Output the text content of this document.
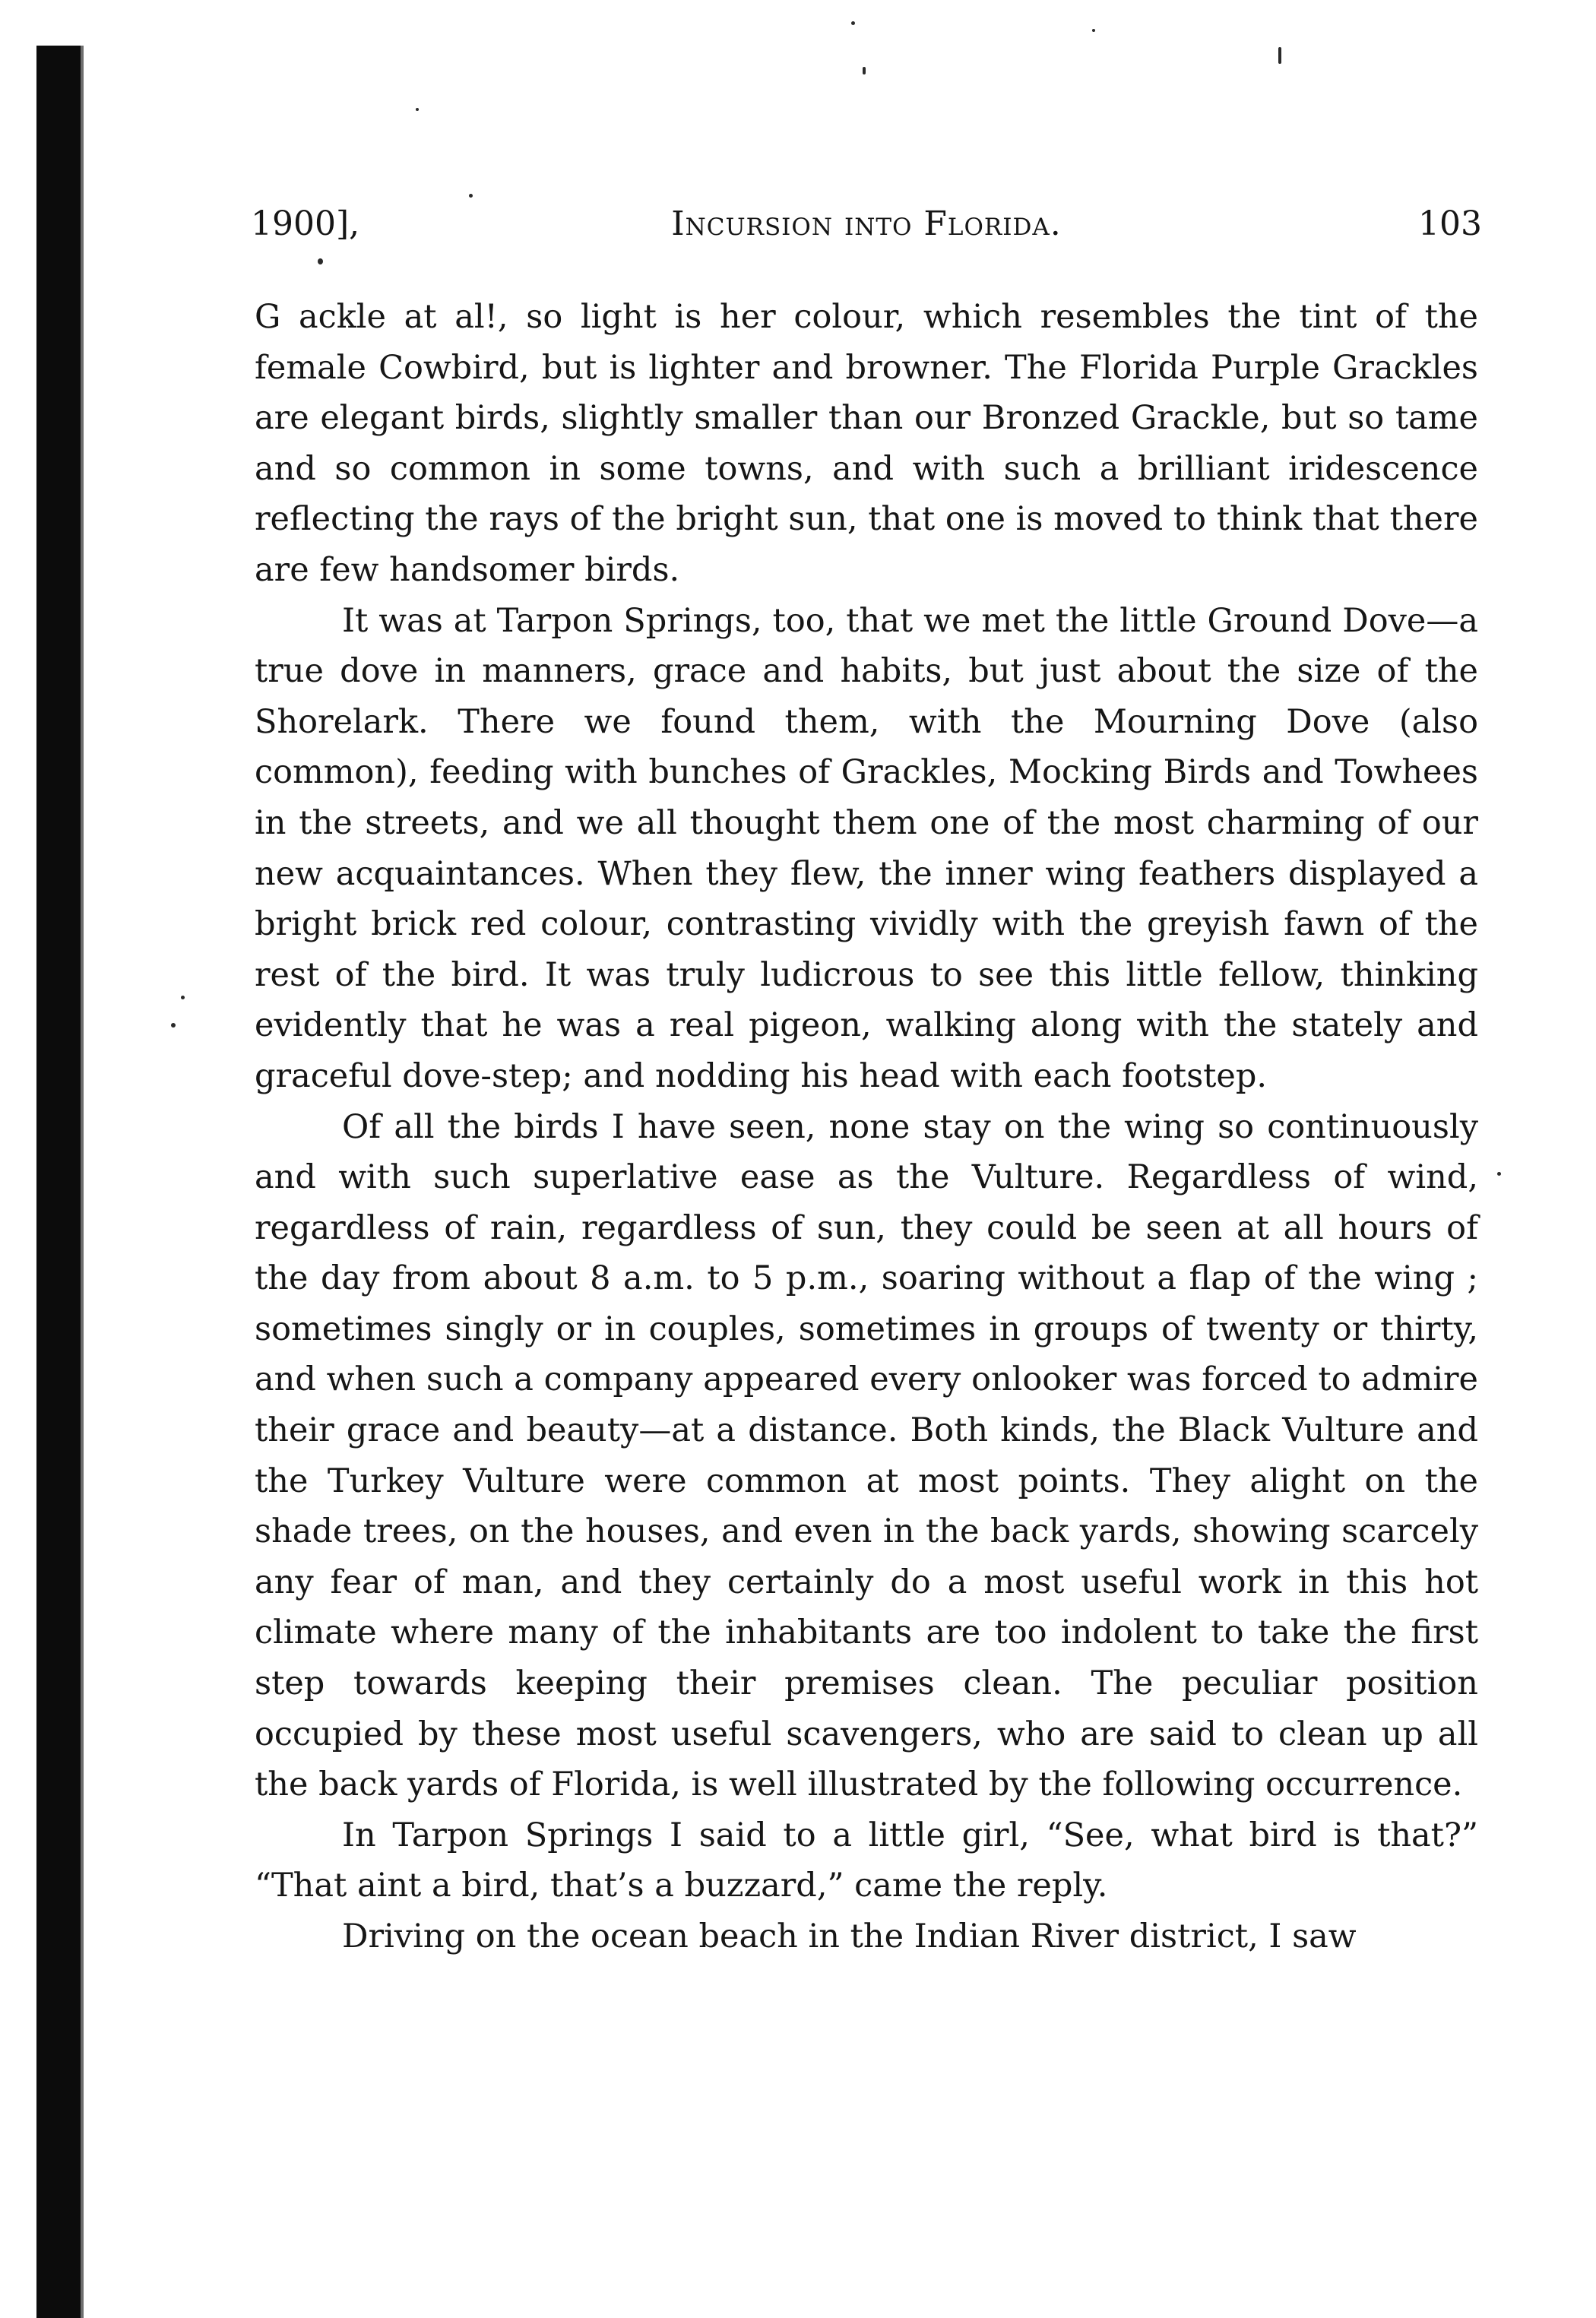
1900],	Incursion into Florida.	103

G ackle at al!, so light is her colour, which resembles the tint of the female Cowbird, but is lighter and browner. The Florida Purple Grackles are elegant birds, slightly smaller than our Bronzed Grackle, but so tame and so common in some towns, and with such a brilliant iridescence reflecting the rays of the bright sun, that one is moved to think that there are few handsomer birds.

It was at Tarpon Springs, too, that we met the little Ground Dove—a true dove in manners, grace and habits, but just about the size of the Shorelark. There we found them, with the Mourning Dove (also common), feeding with bunches of Grackles, Mocking Birds and Towhees in the streets, and we all thought them one of the most charming of our new acquaintances. When they flew, the inner wing feathers displayed a bright brick red colour, contrasting vividly with the greyish fawn of the rest of the bird. It was truly ludicrous to see this little fellow, thinking evidently that he was a real pigeon, walking along with the stately and graceful dove-step; and nodding his head with each footstep.

Of all the birds I have seen, none stay on the wing so continuously and with such superlative ease as the Vulture. Regardless of wind, regardless of rain, regardless of sun, they could be seen at all hours of the day from about 8 a.m. to 5 p.m., soaring without a flap of the wing ; sometimes singly or in couples, sometimes in groups of twenty or thirty, and when such a company appeared every onlooker was forced to admire their grace and beauty—at a distance. Both kinds, the Black Vulture and the Turkey Vulture were common at most points. They alight on the shade trees, on the houses, and even in the back yards, showing scarcely any fear of man, and they certainly do a most useful work in this hot climate where many of the inhabitants are too indolent to take the first step towards keeping their premises clean. The peculiar position occupied by these most useful scavengers, who are said to clean up all the back yards of Florida, is well illustrated by the following occurrence.

In Tarpon Springs I said to a little girl, “See, what bird is that?” “That aint a bird, that’s a buzzard,” came the reply.

Driving on the ocean beach in the Indian River district, I saw
